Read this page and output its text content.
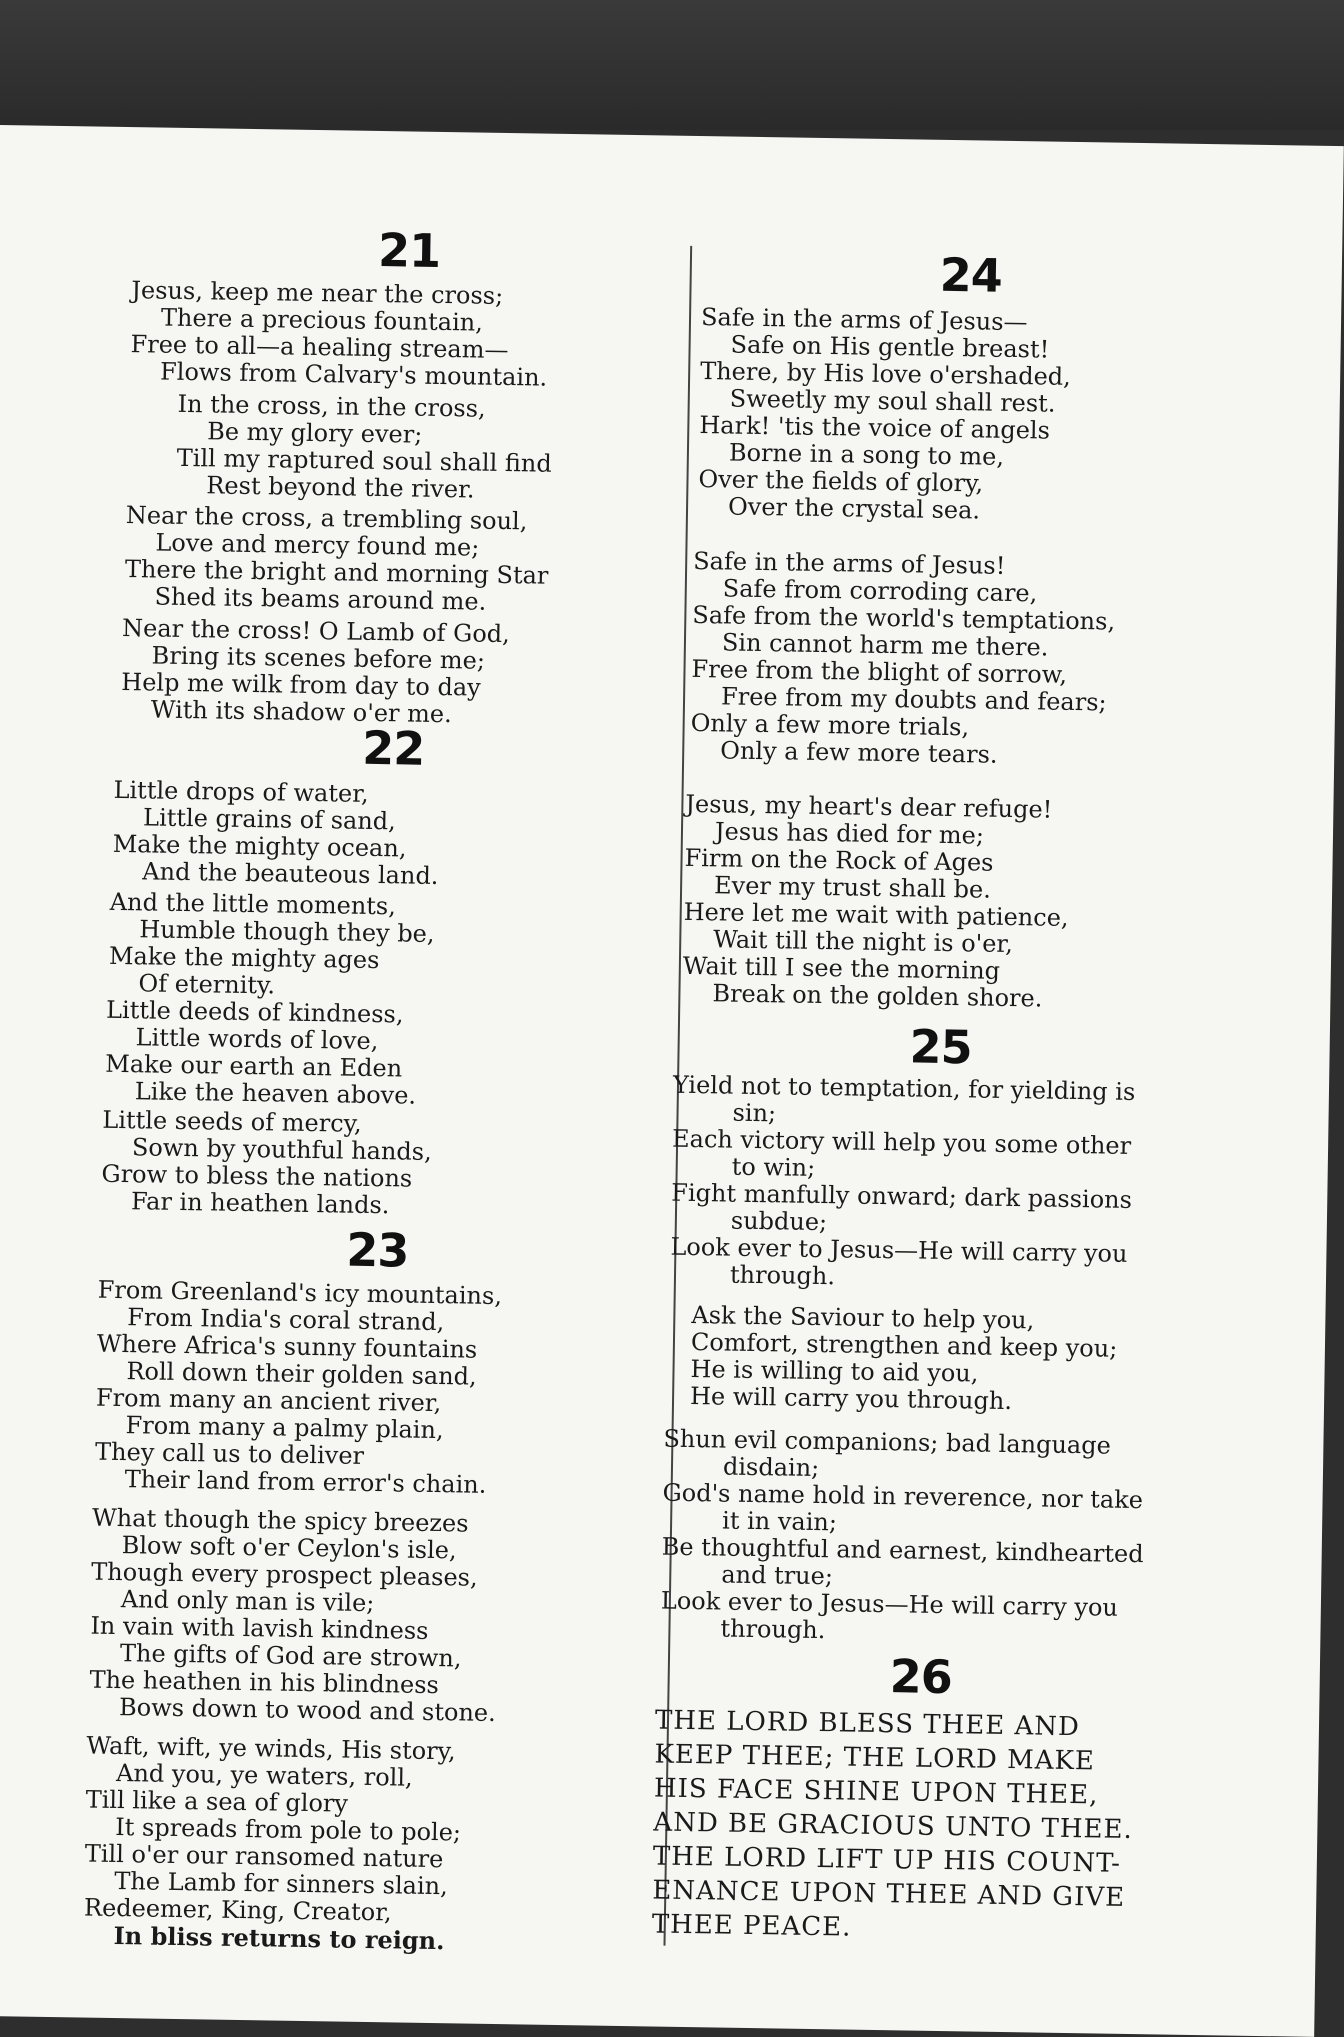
21
Jesus, keep me near the cross;
There a precious fountain,
Free to all—a healing stream—
Flows from Calvary's mountain.
In the cross, in the cross,
Be my glory ever;
Till my raptured soul shall find
Rest beyond the river.
Near the cross, a trembling soul,
Love and mercy found me;
There the bright and morning Star
Shed its beams around me.
Near the cross! O Lamb of God,
Bring its scenes before me;
Help me wilk from day to day
With its shadow o'er me.
22
Little drops of water,
Little grains of sand,
Make the mighty ocean,
And the beauteous land.
And the little moments,
Humble though they be,
Make the mighty ages
Of eternity.
Little deeds of kindness,
Little words of love,
Make our earth an Eden
Like the heaven above.
Little seeds of mercy,
Sown by youthful hands,
Grow to bless the nations
Far in heathen lands.
23
From Greenland's icy mountains,
From India's coral strand,
Where Africa's sunny fountains
Roll down their golden sand,
From many an ancient river,
From many a palmy plain,
They call us to deliver
Their land from error's chain.
What though the spicy breezes
Blow soft o'er Ceylon's isle,
Though every prospect pleases,
And only man is vile;
In vain with lavish kindness
The gifts of God are strown,
The heathen in his blindness
Bows down to wood and stone.
Waft, wift, ye winds, His story,
And you, ye waters, roll,
Till like a sea of glory
It spreads from pole to pole;
Till o'er our ransomed nature
The Lamb for sinners slain,
Redeemer, King, Creator,
In bliss returns to reign.
24
Safe in the arms of Jesus—
Safe on His gentle breast!
There, by His love o'ershaded,
Sweetly my soul shall rest.
Hark! 'tis the voice of angels
Borne in a song to me,
Over the fields of glory,
Over the crystal sea.
Safe in the arms of Jesus!
Safe from corroding care,
Safe from the world's temptations,
Sin cannot harm me there.
Free from the blight of sorrow,
Free from my doubts and fears;
Only a few more trials,
Only a few more tears.
Jesus, my heart's dear refuge!
Jesus has died for me;
Firm on the Rock of Ages
Ever my trust shall be.
Here let me wait with patience,
Wait till the night is o'er,
Wait till I see the morning
Break on the golden shore.
25
Yield not to temptation, for yielding is
sin;
Each victory will help you some other
to win;
Fight manfully onward; dark passions
subdue;
Look ever to Jesus—He will carry you
through.
Ask the Saviour to help you,
Comfort, strengthen and keep you;
He is willing to aid you,
He will carry you through.
Shun evil companions; bad language
disdain;
God's name hold in reverence, nor take
it in vain;
Be thoughtful and earnest, kindhearted
and true;
Look ever to Jesus—He will carry you
through.
26
THE LORD BLESS THEE AND
KEEP THEE; THE LORD MAKE
HIS FACE SHINE UPON THEE,
AND BE GRACIOUS UNTO THEE.
THE LORD LIFT UP HIS COUNT-
ENANCE UPON THEE AND GIVE
THEE PEACE.
